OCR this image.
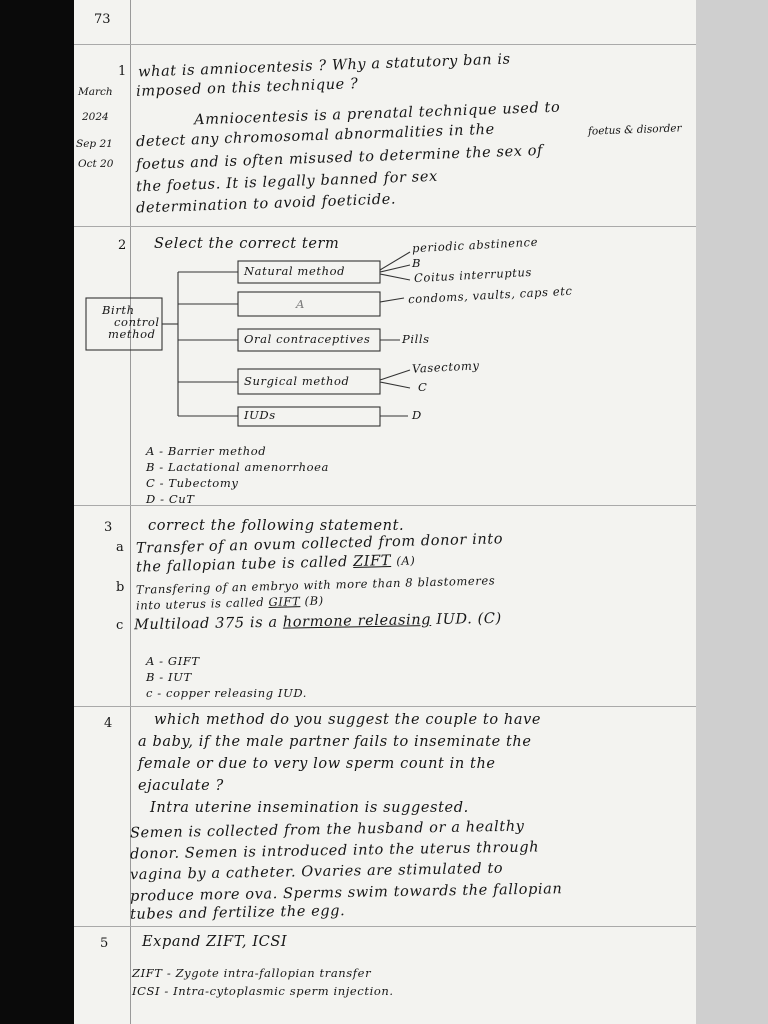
73
1
March
2024
Sep 21
Oct 20
what is amniocentesis ? Why a statutory ban is
imposed on this technique ?
Amniocentesis is a prenatal technique used to
detect any chromosomal abnormalities in the	foetus & disorder
foetus and is often misused to determine the sex of
the foetus. It is legally banned for sex
determination to avoid foeticide.
2 Select the correct term
Birth
control
method
Natural method
A
Oral contraceptives
Surgical method
IUDs
periodic abstinence
B
Coitus interruptus
condoms, vaults, caps etc
Pills
Vasectomy
C
D
A - Barrier method
B - Lactational amenorrhoea
C - Tubectomy
D - CuT
3 correct the following statement.
a Transfer of an ovum collected from donor into
the fallopian tube is called ZIFT (A)
b Transfering of an embryo with more than 8 blastomeres
into uterus is called GIFT (B)
c Multiload 375 is a hormone releasing IUD. (C)
A - GIFT
B - IUT
c - copper releasing IUD.
4	which method do you suggest the couple to have
a baby, if the male partner fails to inseminate the
female or due to very low sperm count in the
ejaculate ?
Intra uterine insemination is suggested.
Semen is collected from the husband or a healthy
donor. Semen is introduced into the uterus through
vagina by a catheter. Ovaries are stimulated to
produce more ova. Sperms swim towards the fallopian
tubes and fertilize the egg.
5 Expand ZIFT, ICSI
ZIFT - Zygote intra-fallopian transfer
ICSI - Intra-cytoplasmic sperm injection.
